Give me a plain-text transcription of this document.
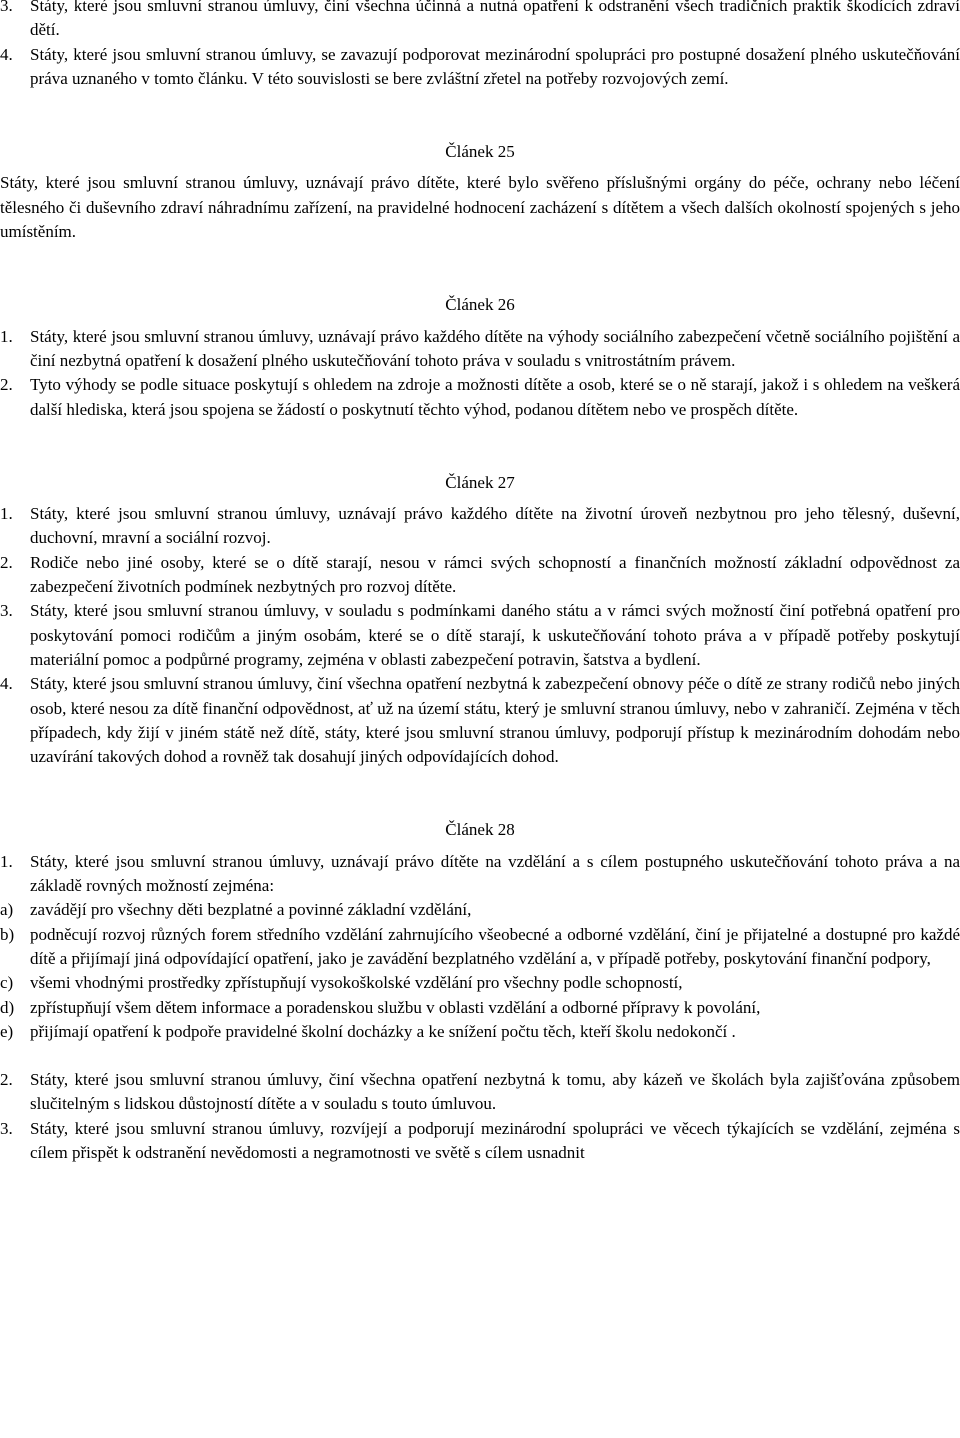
3.	Státy, které jsou smluvní stranou úmluvy, činí všechna účinná a nutná opatření k odstranění všech tradičních praktik škodících zdraví dětí.
4.	Státy, které jsou smluvní stranou úmluvy, se zavazují podporovat mezinárodní spolupráci pro postupné dosažení plného uskutečňování práva uznaného v tomto článku. V této souvislosti se bere zvláštní zřetel na potřeby rozvojových zemí.

Článek 25

Státy, které jsou smluvní stranou úmluvy, uznávají právo dítěte, které bylo svěřeno příslušnými orgány do péče, ochrany nebo léčení tělesného či duševního zdraví náhradnímu zařízení, na pravidelné hodnocení zacházení s dítětem a všech dalších okolností spojených s jeho umístěním.

Článek 26

1.	Státy, které jsou smluvní stranou úmluvy, uznávají právo každého dítěte na výhody sociálního zabezpečení včetně sociálního pojištění a činí nezbytná opatření k dosažení plného uskutečňování tohoto práva v souladu s vnitrostátním právem.
2.	Tyto výhody se podle situace poskytují s ohledem na zdroje a možnosti dítěte a osob, které se o ně starají, jakož i s ohledem na veškerá další hlediska, která jsou spojena se žádostí o poskytnutí těchto výhod, podanou dítětem nebo ve prospěch dítěte.

Článek 27

1.	Státy, které jsou smluvní stranou úmluvy, uznávají právo každého dítěte na životní úroveň nezbytnou pro jeho tělesný, duševní, duchovní, mravní a sociální rozvoj.
2.	Rodiče nebo jiné osoby, které se o dítě starají, nesou v rámci svých schopností a finančních možností základní odpovědnost za zabezpečení životních podmínek nezbytných pro rozvoj dítěte.
3.	Státy, které jsou smluvní stranou úmluvy, v souladu s podmínkami daného státu a v rámci svých možností činí potřebná opatření pro poskytování pomoci rodičům a jiným osobám, které se o dítě starají, k uskutečňování tohoto práva a v případě potřeby poskytují materiální pomoc a podpůrné programy, zejména v oblasti zabezpečení potravin, šatstva a bydlení.
4.	Státy, které jsou smluvní stranou úmluvy, činí všechna opatření nezbytná k zabezpečení obnovy péče o dítě ze strany rodičů nebo jiných osob, které nesou za dítě finanční odpovědnost, ať už na území státu, který je smluvní stranou úmluvy, nebo v zahraničí. Zejména v těch případech, kdy žijí v jiném státě než dítě, státy, které jsou smluvní stranou úmluvy, podporují přístup k mezinárodním dohodám nebo uzavírání takových dohod a rovněž tak dosahují jiných odpovídajících dohod.

Článek 28

1.	Státy, které jsou smluvní stranou úmluvy, uznávají právo dítěte na vzdělání a s cílem postupného uskutečňování tohoto práva a na základě rovných možností zejména:
a) zavádějí pro všechny děti bezplatné a povinné základní vzdělání,
b) podněcují rozvoj různých forem středního vzdělání zahrnujícího všeobecné a odborné vzdělání, činí je přijatelné a dostupné pro každé dítě a přijímají jiná odpovídající opatření, jako je zavádění bezplatného vzdělání a, v případě potřeby, poskytování finanční podpory,
c) všemi vhodnými prostředky zpřístupňují vysokoškolské vzdělání pro všechny podle schopností,
d) zpřístupňují všem dětem informace a poradenskou službu v oblasti vzdělání a odborné přípravy k povolání,
e) přijímají opatření k podpoře pravidelné školní docházky a ke snížení počtu těch, kteří školu nedokončí .
2.	Státy, které jsou smluvní stranou úmluvy, činí všechna opatření nezbytná k tomu, aby kázeň ve školách byla zajišťována způsobem slučitelným s lidskou důstojností dítěte a v souladu s touto úmluvou.
3.	Státy, které jsou smluvní stranou úmluvy, rozvíjejí a podporují mezinárodní spolupráci ve věcech týkajících se vzdělání, zejména s cílem přispět k odstranění nevědomosti a negramotnosti ve světě s cílem usnadnit
